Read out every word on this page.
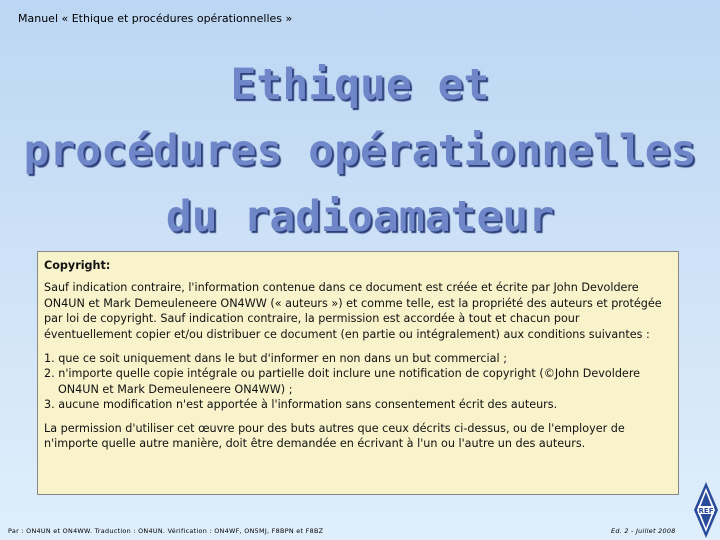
Manuel « Ethique et procédures opérationnelles »
Ethique et
procédures opérationnelles
du radioamateur

Copyright:

Sauf indication contraire, l'information contenue dans ce document est créée et écrite par John Devoldere ON4UN et Mark Demeuleneere ON4WW (« auteurs ») et comme telle, est la propriété des auteurs et protégée par loi de copyright. Sauf indication contraire, la permission est accordée à tout et chacun pour éventuellement copier et/ou distribuer ce document (en partie ou intégralement) aux conditions suivantes :

1. que ce soit uniquement dans le but d'informer en non dans un but commercial ;
2. n'importe quelle copie intégrale ou partielle doit inclure une notification de copyright (©John Devoldere ON4UN et Mark Demeuleneere ON4WW) ;
3. aucune modification n'est apportée à l'information sans consentement écrit des auteurs.

La permission d'utiliser cet œuvre pour des buts autres que ceux décrits ci-dessus, ou de l'employer de n'importe quelle autre manière, doit être demandée en écrivant à l'un ou l'autre un des auteurs.

Par : ON4UN et ON4WW. Traduction : ON4UN. Vérification : ON4WF, ON5MJ, F8BPN et F8BZ	Ed. 2 - Juillet 2008
REF
